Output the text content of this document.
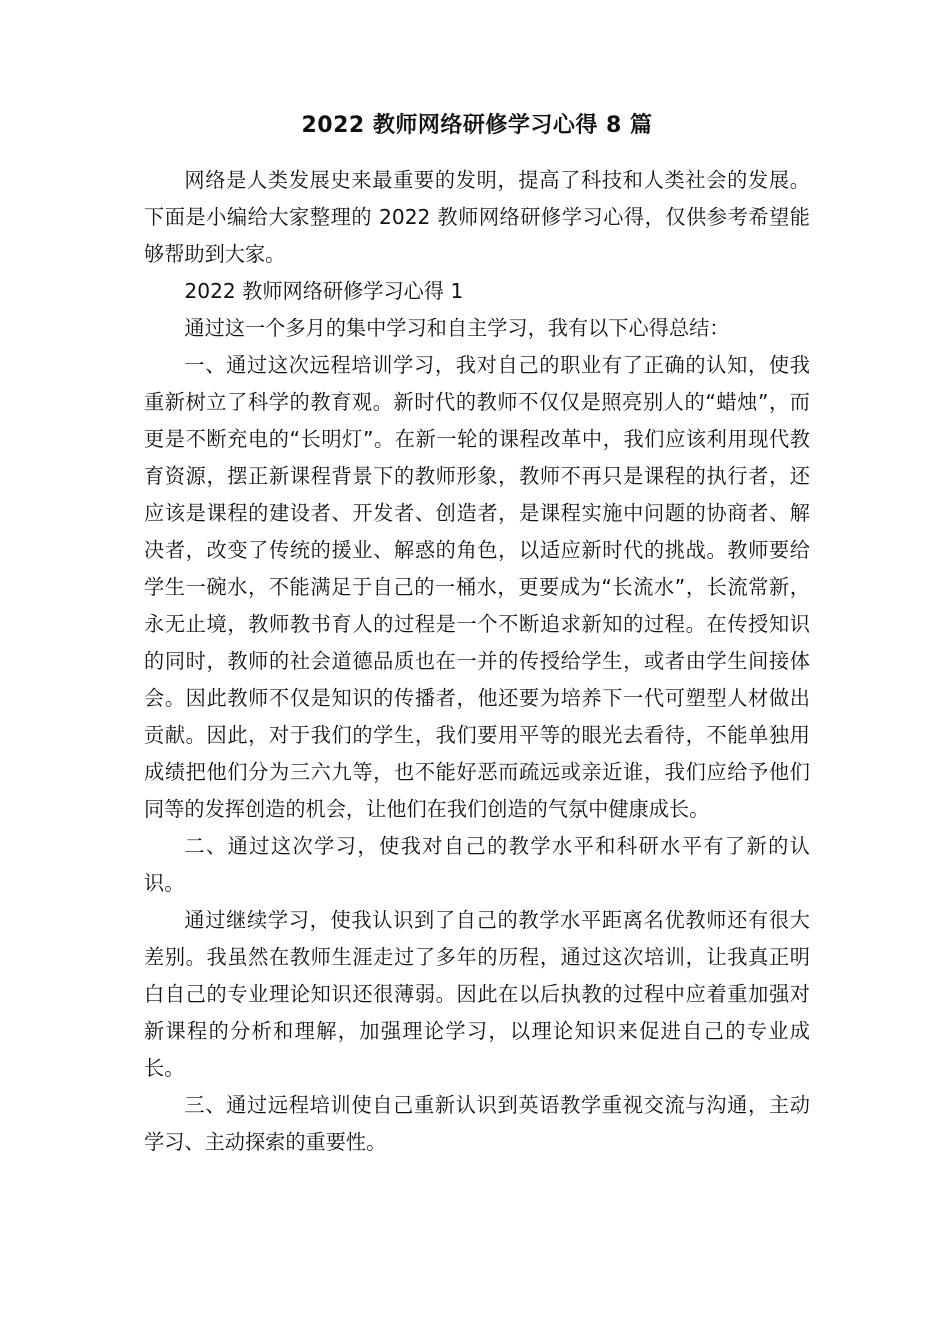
2022 教师网络研修学习心得 8 篇

网络是人类发展史来最重要的发明，提高了科技和人类社会的发展。下面是小编给大家整理的 2022 教师网络研修学习心得，仅供参考希望能够帮助到大家。

2022 教师网络研修学习心得 1

通过这一个多月的集中学习和自主学习，我有以下心得总结：

一、通过这次远程培训学习，我对自己的职业有了正确的认知，使我重新树立了科学的教育观。新时代的教师不仅仅是照亮别人的“蜡烛”，而更是不断充电的“长明灯”。在新一轮的课程改革中，我们应该利用现代教育资源，摆正新课程背景下的教师形象，教师不再只是课程的执行者，还应该是课程的建设者、开发者、创造者，是课程实施中问题的协商者、解决者，改变了传统的援业、解惑的角色，以适应新时代的挑战。教师要给学生一碗水，不能满足于自己的一桶水，更要成为“长流水”，长流常新，永无止境，教师教书育人的过程是一个不断追求新知的过程。在传授知识的同时，教师的社会道德品质也在一并的传授给学生，或者由学生间接体会。因此教师不仅是知识的传播者，他还要为培养下一代可塑型人材做出贡献。因此，对于我们的学生，我们要用平等的眼光去看待，不能单独用成绩把他们分为三六九等，也不能好恶而疏远或亲近谁，我们应给予他们同等的发挥创造的机会，让他们在我们创造的气氛中健康成长。

二、通过这次学习，使我对自己的教学水平和科研水平有了新的认识。

通过继续学习，使我认识到了自己的教学水平距离名优教师还有很大差别。我虽然在教师生涯走过了多年的历程，通过这次培训，让我真正明白自己的专业理论知识还很薄弱。因此在以后执教的过程中应着重加强对新课程的分析和理解，加强理论学习，以理论知识来促进自己的专业成长。

三、通过远程培训使自己重新认识到英语教学重视交流与沟通，主动学习、主动探索的重要性。
